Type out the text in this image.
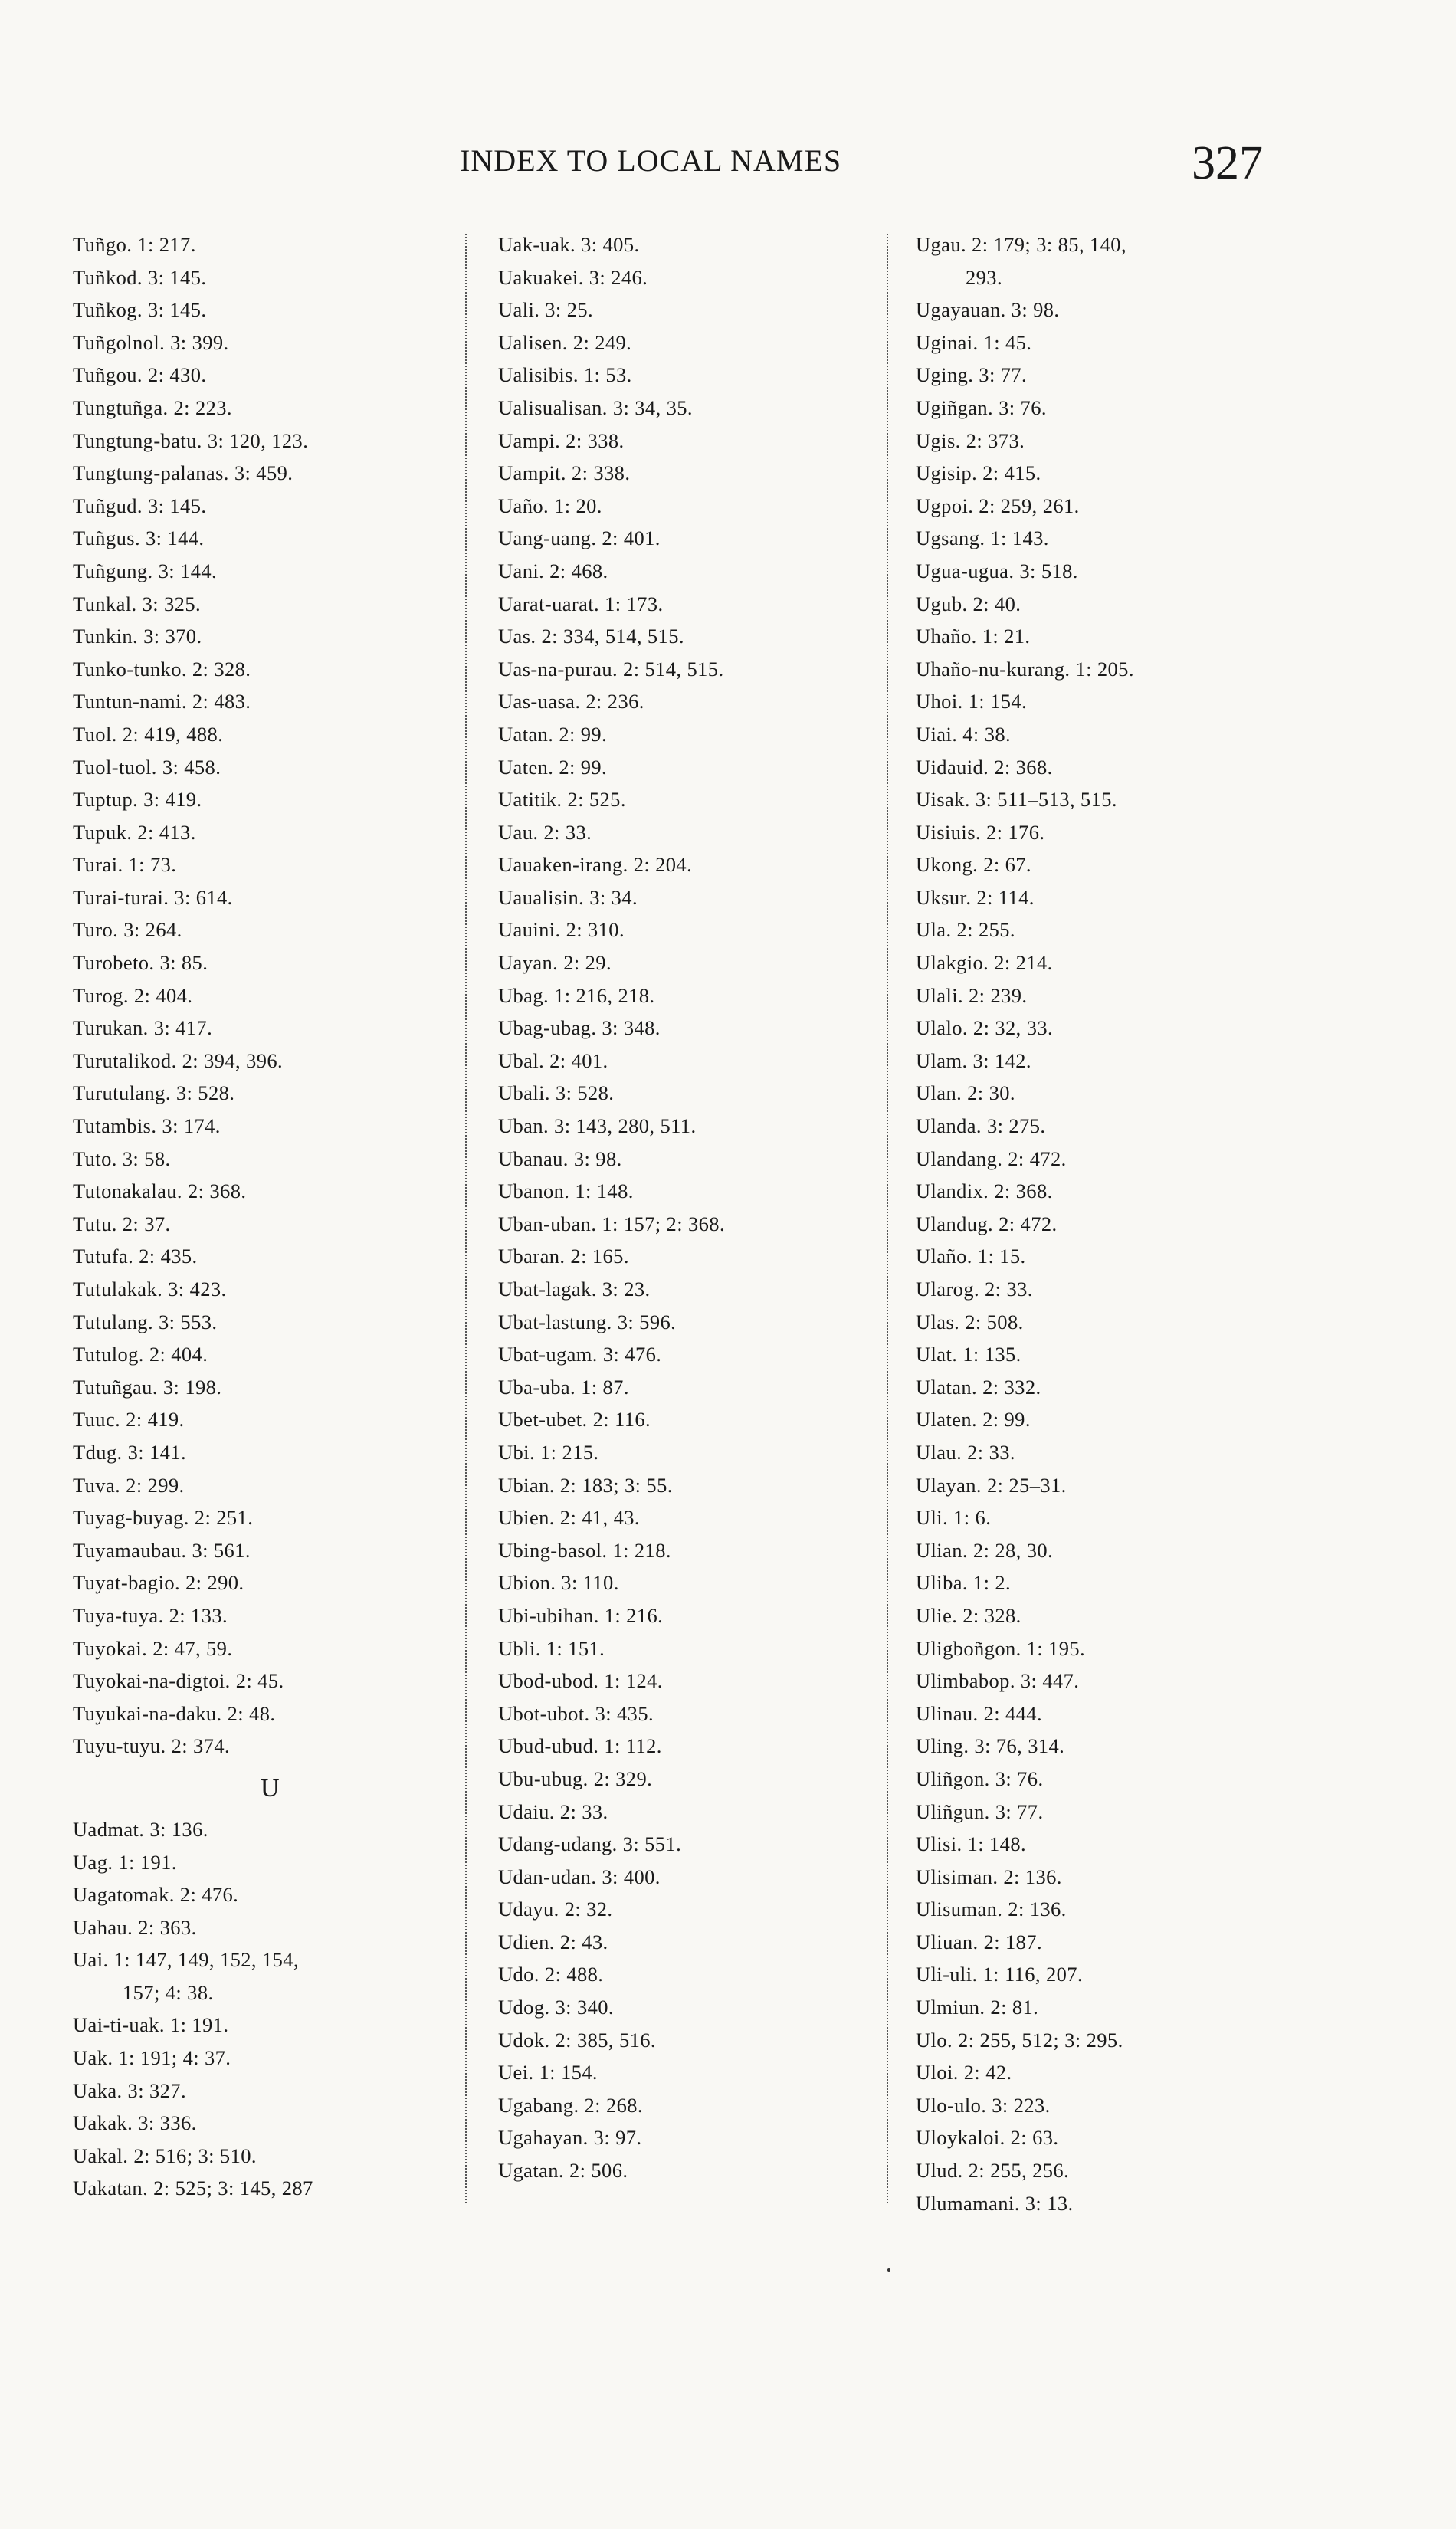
INDEX TO LOCAL NAMES	327
Tuñgo. 1: 217.
Tuñkod. 3: 145.
Tuñkog. 3: 145.
Tuñgolnol. 3: 399.
Tuñgou. 2: 430.
Tungtuñga. 2: 223.
Tungtung-batu. 3: 120, 123.
Tungtung-palanas. 3: 459.
Tuñgud. 3: 145.
Tuñgus. 3: 144.
Tuñgung. 3: 144.
Tunkal. 3: 325.
Tunkin. 3: 370.
Tunko-tunko. 2: 328.
Tuntun-nami. 2: 483.
Tuol. 2: 419, 488.
Tuol-tuol. 3: 458.
Tuptup. 3: 419.
Tupuk. 2: 413.
Turai. 1: 73.
Turai-turai. 3: 614.
Turo. 3: 264.
Turobeto. 3: 85.
Turog. 2: 404.
Turukan. 3: 417.
Turutalikod. 2: 394, 396.
Turutulang. 3: 528.
Tutambis. 3: 174.
Tuto. 3: 58.
Tutonakalau. 2: 368.
Tutu. 2: 37.
Tutufa. 2: 435.
Tutulakak. 3: 423.
Tutulang. 3: 553.
Tutulog. 2: 404.
Tutuñgau. 3: 198.
Tuuc. 2: 419.
Tdug. 3: 141.
Tuva. 2: 299.
Tuyag-buyag. 2: 251.
Tuyamaubau. 3: 561.
Tuyat-bagio. 2: 290.
Tuya-tuya. 2: 133.
Tuyokai. 2: 47, 59.
Tuyokai-na-digtoi. 2: 45.
Tuyukai-na-daku. 2: 48.
Tuyu-tuyu. 2: 374.
U
Uadmat. 3: 136.
Uag. 1: 191.
Uagatomak. 2: 476.
Uahau. 2: 363.
Uai. 1: 147, 149, 152, 154,
157; 4: 38.
Uai-ti-uak. 1: 191.
Uak. 1: 191; 4: 37.
Uaka. 3: 327.
Uakak. 3: 336.
Uakal. 2: 516; 3: 510.
Uakatan. 2: 525; 3: 145, 287
Uak-uak. 3: 405.
Uakuakei. 3: 246.
Uali. 3: 25.
Ualisen. 2: 249.
Ualisibis. 1: 53.
Ualisualisan. 3: 34, 35.
Uampi. 2: 338.
Uampit. 2: 338.
Uaño. 1: 20.
Uang-uang. 2: 401.
Uani. 2: 468.
Uarat-uarat. 1: 173.
Uas. 2: 334, 514, 515.
Uas-na-purau. 2: 514, 515.
Uas-uasa. 2: 236.
Uatan. 2: 99.
Uaten. 2: 99.
Uatitik. 2: 525.
Uau. 2: 33.
Uauaken-irang. 2: 204.
Uaualisin. 3: 34.
Uauini. 2: 310.
Uayan. 2: 29.
Ubag. 1: 216, 218.
Ubag-ubag. 3: 348.
Ubal. 2: 401.
Ubali. 3: 528.
Uban. 3: 143, 280, 511.
Ubanau. 3: 98.
Ubanon. 1: 148.
Uban-uban. 1: 157; 2: 368.
Ubaran. 2: 165.
Ubat-lagak. 3: 23.
Ubat-lastung. 3: 596.
Ubat-ugam. 3: 476.
Uba-uba. 1: 87.
Ubet-ubet. 2: 116.
Ubi. 1: 215.
Ubian. 2: 183; 3: 55.
Ubien. 2: 41, 43.
Ubing-basol. 1: 218.
Ubion. 3: 110.
Ubi-ubihan. 1: 216.
Ubli. 1: 151.
Ubod-ubod. 1: 124.
Ubot-ubot. 3: 435.
Ubud-ubud. 1: 112.
Ubu-ubug. 2: 329.
Udaiu. 2: 33.
Udang-udang. 3: 551.
Udan-udan. 3: 400.
Udayu. 2: 32.
Udien. 2: 43.
Udo. 2: 488.
Udog. 3: 340.
Udok. 2: 385, 516.
Uei. 1: 154.
Ugabang. 2: 268.
Ugahayan. 3: 97.
Ugatan. 2: 506.
Ugau. 2: 179; 3: 85, 140,
293.
Ugayauan. 3: 98.
Uginai. 1: 45.
Uging. 3: 77.
Ugiñgan. 3: 76.
Ugis. 2: 373.
Ugisip. 2: 415.
Ugpoi. 2: 259, 261.
Ugsang. 1: 143.
Ugua-ugua. 3: 518.
Ugub. 2: 40.
Uhaño. 1: 21.
Uhaño-nu-kurang. 1: 205.
Uhoi. 1: 154.
Uiai. 4: 38.
Uidauid. 2: 368.
Uisak. 3: 511–513, 515.
Uisiuis. 2: 176.
Ukong. 2: 67.
Uksur. 2: 114.
Ula. 2: 255.
Ulakgio. 2: 214.
Ulali. 2: 239.
Ulalo. 2: 32, 33.
Ulam. 3: 142.
Ulan. 2: 30.
Ulanda. 3: 275.
Ulandang. 2: 472.
Ulandix. 2: 368.
Ulandug. 2: 472.
Ulaño. 1: 15.
Ularog. 2: 33.
Ulas. 2: 508.
Ulat. 1: 135.
Ulatan. 2: 332.
Ulaten. 2: 99.
Ulau. 2: 33.
Ulayan. 2: 25–31.
Uli. 1: 6.
Ulian. 2: 28, 30.
Uliba. 1: 2.
Ulie. 2: 328.
Uligboñgon. 1: 195.
Ulimbabop. 3: 447.
Ulinau. 2: 444.
Uling. 3: 76, 314.
Uliñgon. 3: 76.
Uliñgun. 3: 77.
Ulisi. 1: 148.
Ulisiman. 2: 136.
Ulisuman. 2: 136.
Uliuan. 2: 187.
Uli-uli. 1: 116, 207.
Ulmiun. 2: 81.
Ulo. 2: 255, 512; 3: 295.
Uloi. 2: 42.
Ulo-ulo. 3: 223.
Uloykaloi. 2: 63.
Ulud. 2: 255, 256.
Ulumamani. 3: 13.
